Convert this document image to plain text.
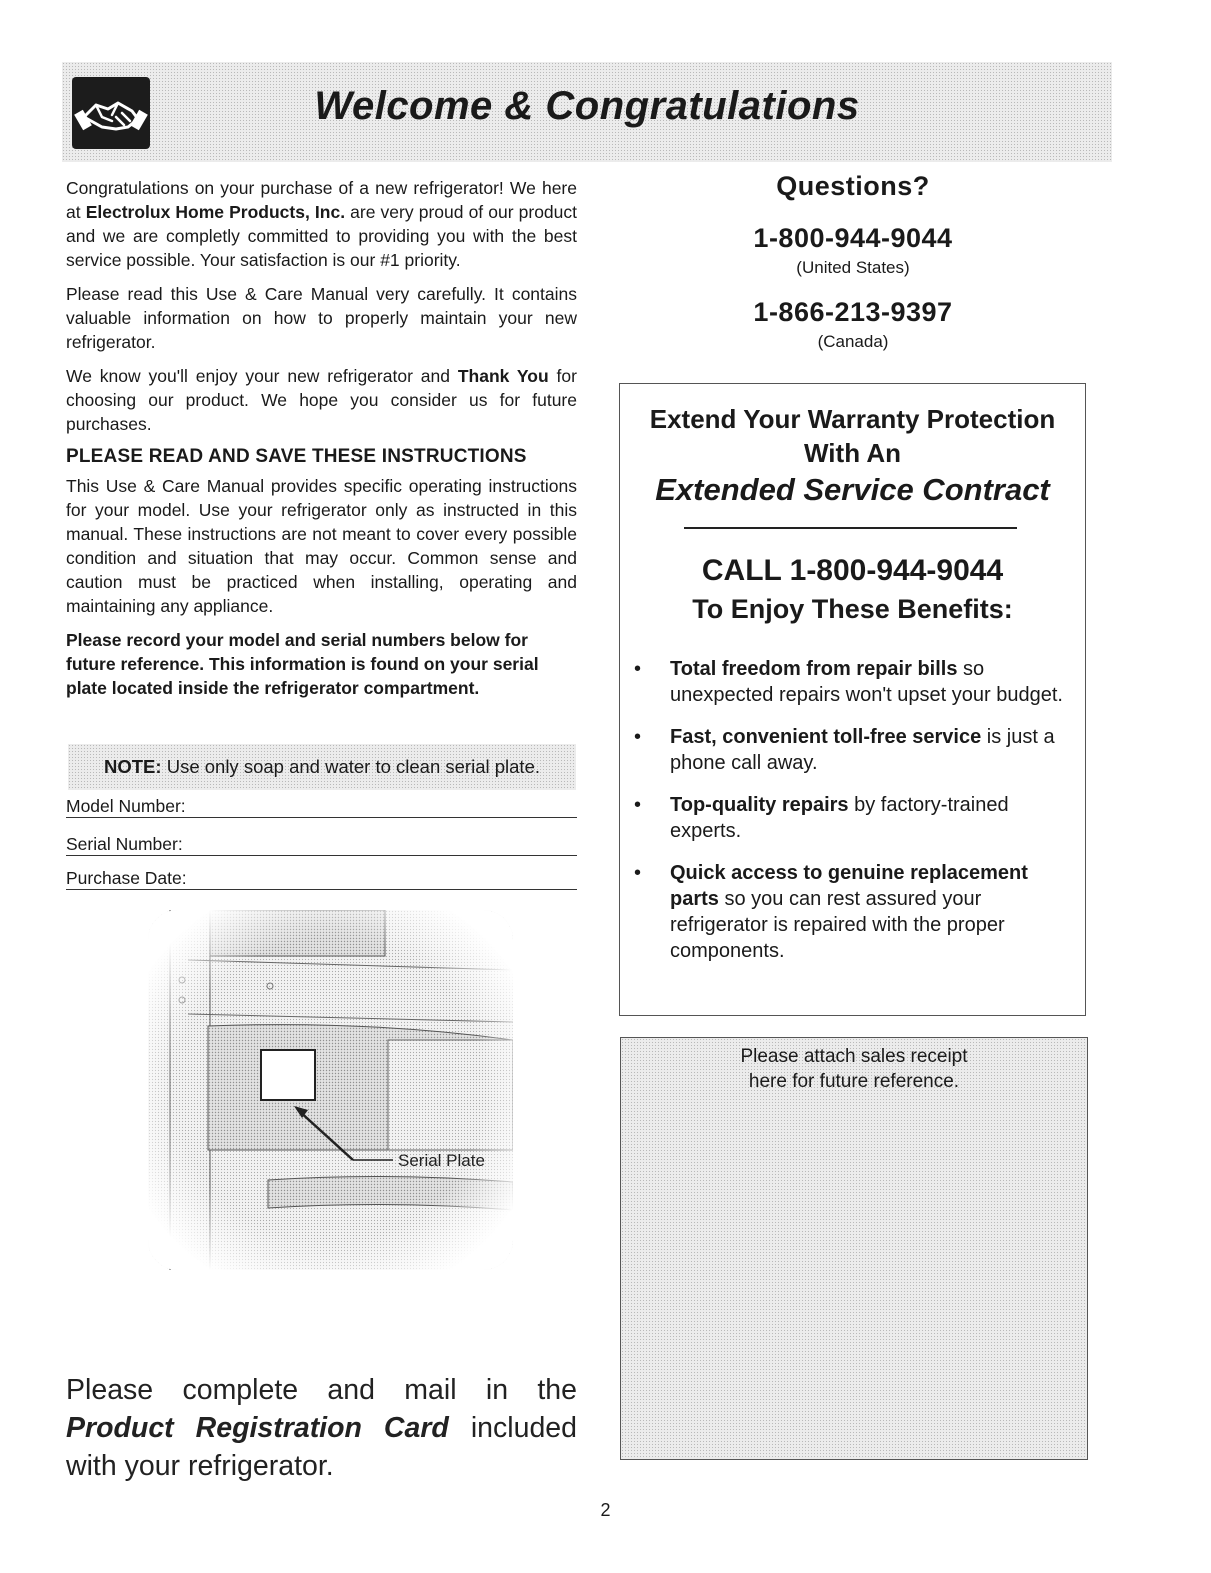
Welcome & Congratulations

Congratulations on your purchase of a new refrigerator! We here at Electrolux Home Products, Inc. are very proud of our product and we are completly committed to providing you with the best service possible. Your satisfaction is our #1 priority.

Please read this Use & Care Manual very carefully. It contains valuable information on how to properly maintain your new refrigerator.

We know you'll enjoy your new refrigerator and Thank You for choosing our product. We hope you consider us for future purchases.

PLEASE READ AND SAVE THESE INSTRUCTIONS

This Use & Care Manual provides specific operating instructions for your model. Use your refrigerator only as instructed in this manual. These instructions are not meant to cover every possible condition and situation that may occur. Common sense and caution must be practiced when installing, operating and maintaining any appliance.

Please record your model and serial numbers below for future reference. This information is found on your serial plate located inside the refrigerator compartment.

NOTE: Use only soap and water to clean serial plate.
Model Number:
Serial Number:
Purchase Date:
Serial Plate

Please complete and mail in the Product Registration Card included with your refrigerator.

Questions?

1-800-944-9044

(United States)

1-866-213-9397

(Canada)

Extend Your Warranty Protection
With An
Extended Service Contract
CALL 1-800-944-9044
To Enjoy These Benefits:
• Total freedom from repair bills so unexpected repairs won't upset your budget.
• Fast, convenient toll-free service is just a phone call away.
• Top-quality repairs by factory-trained experts.
• Quick access to genuine replacement parts so you can rest assured your refrigerator is repaired with the proper components.
Please attach sales receipt
here for future reference.
2
